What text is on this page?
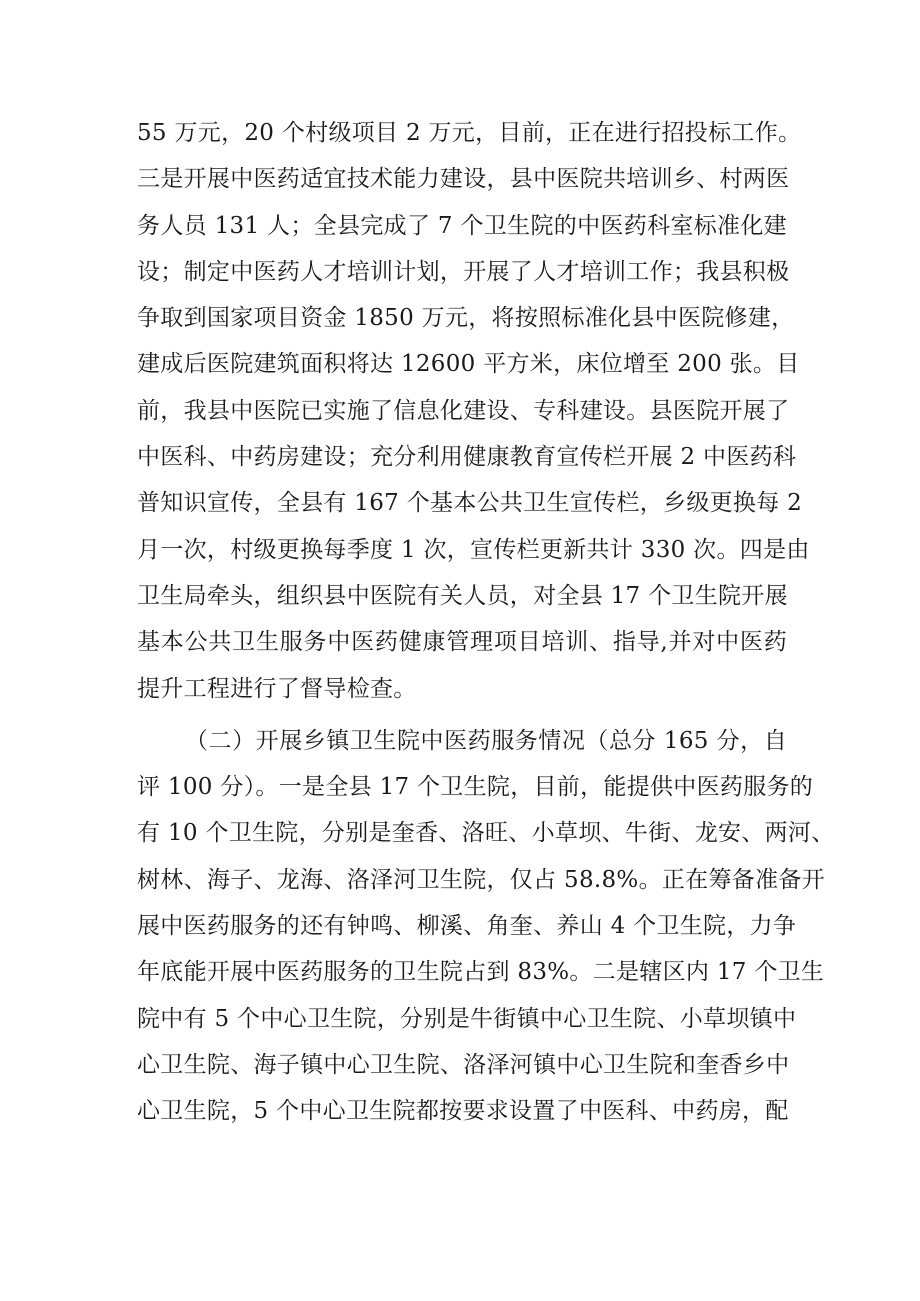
55 万元，20 个村级项目 2 万元，目前，正在进行招投标工作。
三是开展中医药适宜技术能力建设，县中医院共培训乡、村两医
务人员 131 人；全县完成了 7 个卫生院的中医药科室标准化建
设；制定中医药人才培训计划，开展了人才培训工作；我县积极
争取到国家项目资金 1850 万元，将按照标准化县中医院修建，
建成后医院建筑面积将达 12600 平方米，床位增至 200 张。目
前，我县中医院已实施了信息化建设、专科建设。县医院开展了
中医科、中药房建设；充分利用健康教育宣传栏开展 2 中医药科
普知识宣传，全县有 167 个基本公共卫生宣传栏，乡级更换每 2
月一次，村级更换每季度 1 次，宣传栏更新共计 330 次。四是由
卫生局牵头，组织县中医院有关人员，对全县 17 个卫生院开展
基本公共卫生服务中医药健康管理项目培训、指导,并对中医药
提升工程进行了督导检查。
（二）开展乡镇卫生院中医药服务情况（总分 165 分，自
评 100 分）。一是全县 17 个卫生院，目前，能提供中医药服务的
有 10 个卫生院，分别是奎香、洛旺、小草坝、牛街、龙安、两河、
树林、海子、龙海、洛泽河卫生院，仅占 58.8%。正在筹备准备开
展中医药服务的还有钟鸣、柳溪、角奎、养山 4 个卫生院，力争
年底能开展中医药服务的卫生院占到 83%。二是辖区内 17 个卫生
院中有 5 个中心卫生院，分别是牛街镇中心卫生院、小草坝镇中
心卫生院、海子镇中心卫生院、洛泽河镇中心卫生院和奎香乡中
心卫生院，5 个中心卫生院都按要求设置了中医科、中药房，配
